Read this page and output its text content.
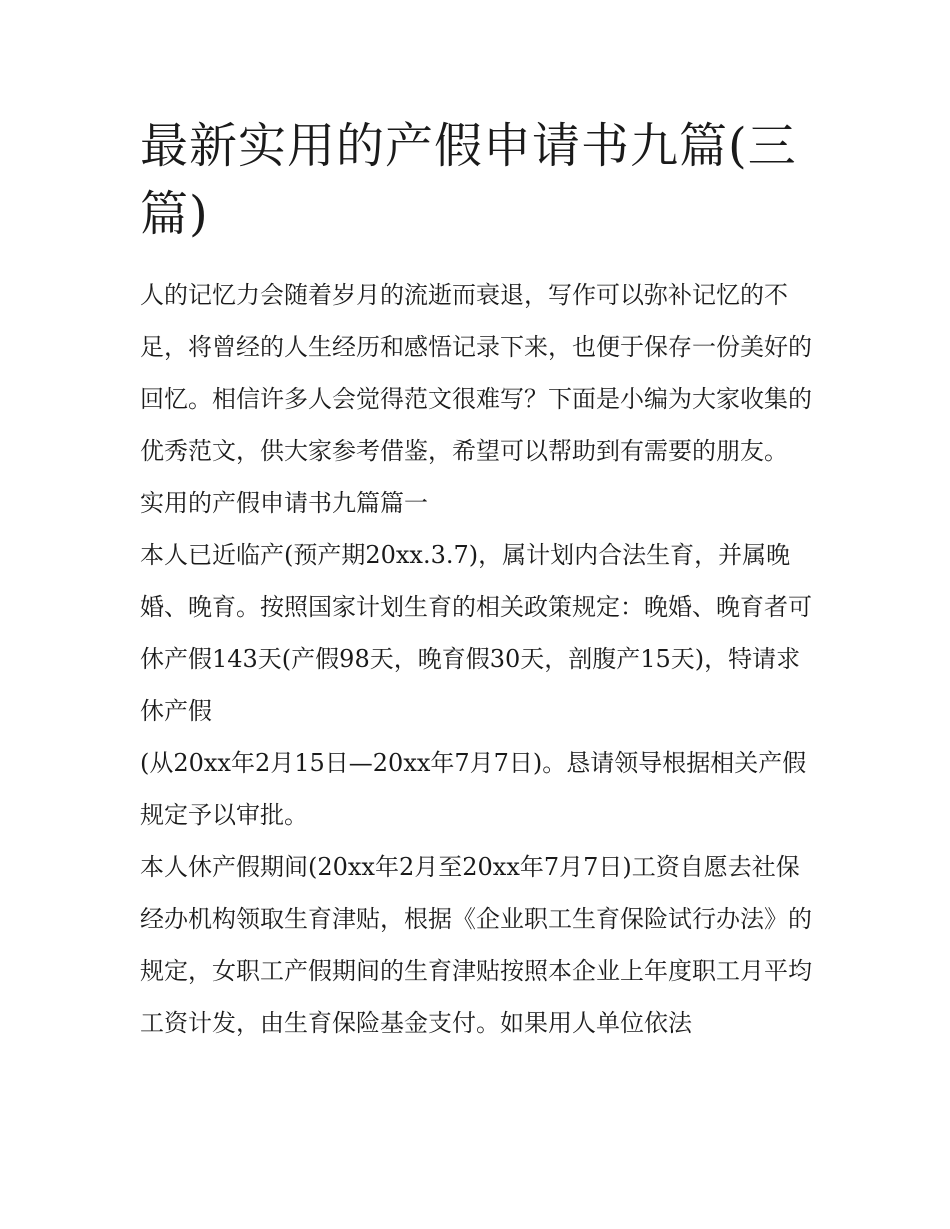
最新实用的产假申请书九篇(三篇)

人的记忆力会随着岁月的流逝而衰退，写作可以弥补记忆的不足，将曾经的人生经历和感悟记录下来，也便于保存一份美好的回忆。相信许多人会觉得范文很难写？下面是小编为大家收集的优秀范文，供大家参考借鉴，希望可以帮助到有需要的朋友。

实用的产假申请书九篇篇一

本人已近临产(预产期20xx.3.7)，属计划内合法生育，并属晚婚、晚育。按照国家计划生育的相关政策规定：晚婚、晚育者可休产假143天(产假98天，晚育假30天，剖腹产15天)，特请求休产假

(从20xx年2月15日—20xx年7月7日)。恳请领导根据相关产假规定予以审批。

本人休产假期间(20xx年2月至20xx年7月7日)工资自愿去社保经办机构领取生育津贴，根据《企业职工生育保险试行办法》的规定，女职工产假期间的生育津贴按照本企业上年度职工月平均工资计发，由生育保险基金支付。如果用人单位依法
